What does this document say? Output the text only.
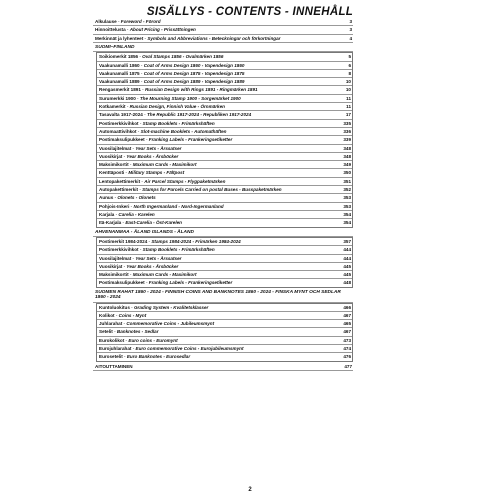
SISÄLLYS - CONTENTS - INNEHÅLL
Alkulause - Foreword - Förord	3
Hinnoittelusta - About Pricing - Prissättningen	3
Merkinnät ja lyhenteet - Symbols and Abbreviations - Beteckningar och förkortningar	4
SUOMI–FINLAND
Soikiomerkit 1856 - Oval Stamps 1856 - Ovalmärken 1856	5
Vaakunamalli 1860 - Coat of Arms Design 1860 - Vapendesign 1860	6
Vaakunamalli 1875 - Coat of Arms Design 1875 - Vapendesign 1875	8
Vaakunamalli 1889 - Coat of Arms Design 1889 - Vapendesign 1889	10
Rengasmerkit 1891 - Russian Design with Rings 1891 - Ringmärken 1891	10
Surumerkki 1900 - The Mourning Stamp 1900 - Sorgemärket 1900	11
Kotkamerkit - Russian Design, Finnish Value - Örnmärken	11
Tasavalta 1917-2024 - The Republic 1917-2024 - Republiken 1917-2024	17
Postimerkkivihkot - Stamp Booklets - Frimärkshäften	335
Automaattivihkot - Slot-machine Booklets - Automathäften	336
Postimaksulipukkeet - Franking Labels - Frankeringsetiketter	339
Vuosilajitelmat - Year Sets - Årssatser	348
Vuosikirjat - Year Books - Årsböcker	348
Maksimikortit - Maximum Cards - Maximikort	349
Kenttäposti - Military Stamps - Fältpost	350
Lentopakettimerkit - Air Parcel Stamps - Flygpaketmärken	351
Autopakettimerkit - Stamps for Parcels Carried on postal Buses - Busspaketmärken	352
Aunus - Olonets - Olonets	353
Pohjois-Inkeri - North Ingermanland - Nord-Ingermanland	353
Karjala - Carelia - Karelen	354
Itä-Karjala - East-Carelia - Öst-Karelen	354
AHVENANMAA - ÅLAND ISLANDS - ÅLAND
Postimerkit 1984-2024 - Stamps 1984-2024 - Frimärken 1984-2024	357
Postimerkkivihkot - Stamp Booklets - Frimärkshäften	444
Vuosilajitelmat - Year Sets - Årssatser	444
Vuosikirjat - Year Books - Årsböcker	445
Maksimikortit - Maximum Cards - Maximikort	445
Postimaksulipukkeet - Franking Labels - Frankeringsetiketter	448
SUOMEN RAHAT 1860 - 2024 - FINNISH COINS AND BANKNOTES 1860 - 2024 - FINSKA MYNT OCH SEDLAR 1860 - 2024
Kuntoluokitus - Grading System - Kvalitetsklasser	466
Kolikot - Coins - Mynt	467
Juhlarahat - Commemorative Coins - Jubileumsmynt	465
Setelit - Banknotes - Sedlar	467
Eurokolikot - Euro coins - Euromynt	473
Eurojuhlarahat - Euro commemorative Coins - Eurojubileumsmynt	474
Eurosetelit - Euro Banknotes - Eurosedlar	476
AITOUTTAMINEN	477
2
